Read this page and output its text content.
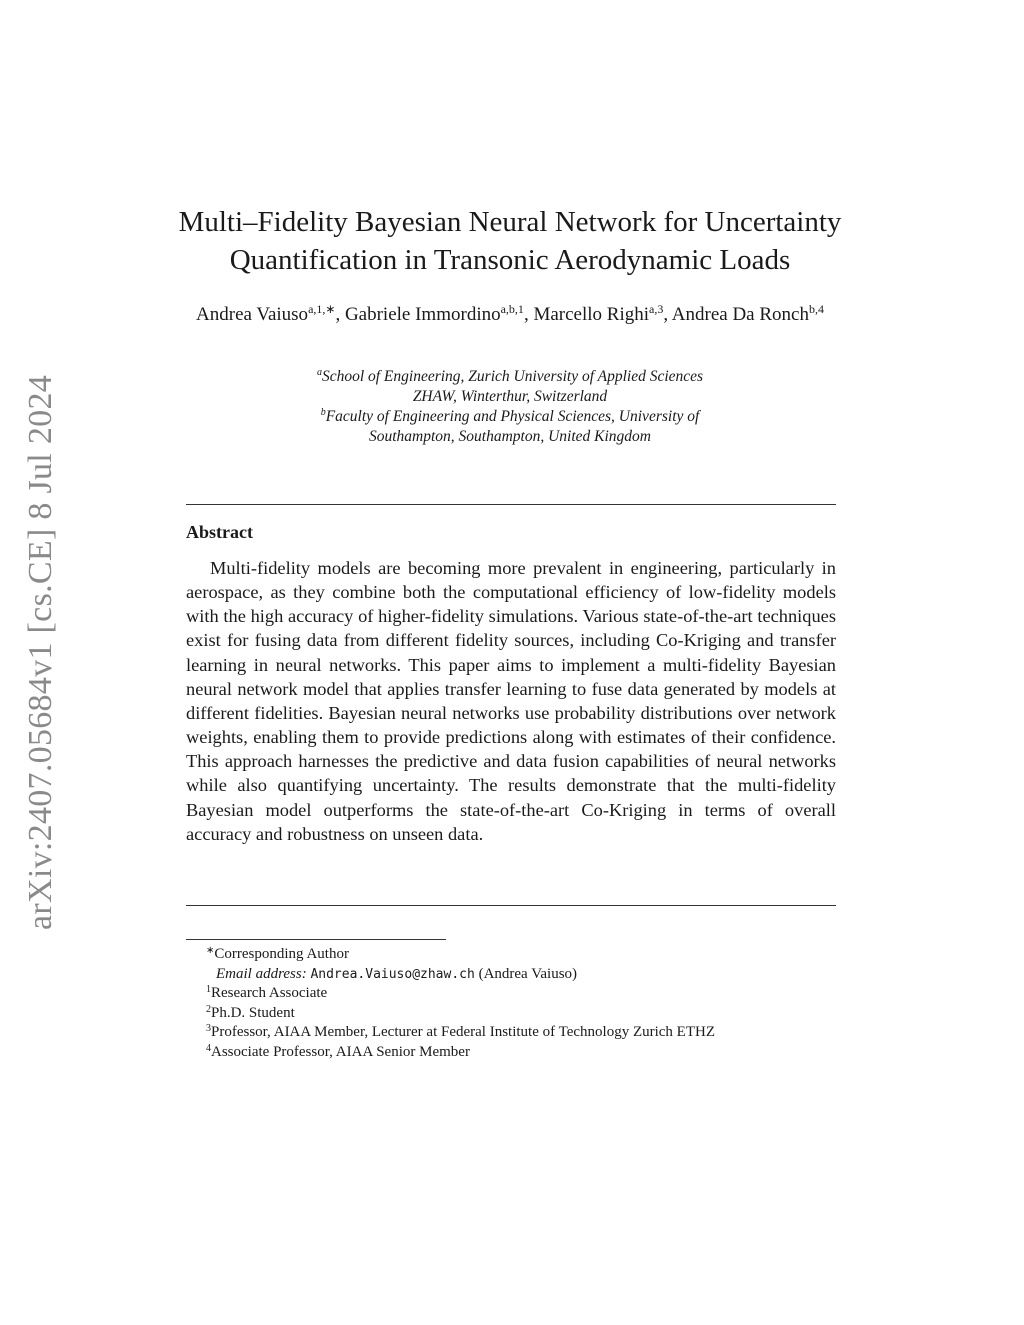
arXiv:2407.05684v1 [cs.CE] 8 Jul 2024
Multi–Fidelity Bayesian Neural Network for Uncertainty
Quantification in Transonic Aerodynamic Loads
Andrea Vaiuso$^{a,1,∗}$, Gabriele Immordino$^{a,b,1}$, Marcello Righi$^{a,3}$, Andrea Da Ronch$^{b,4}$
$^a$School of Engineering, Zurich University of Applied Sciences
ZHAW, Winterthur, Switzerland
$^b$Faculty of Engineering and Physical Sciences, University of
Southampton, Southampton, United Kingdom
Abstract

Multi-fidelity models are becoming more prevalent in engineering, particularly in aerospace, as they combine both the computational efficiency of low-fidelity models with the high accuracy of higher-fidelity simulations. Various state-of-the-art techniques exist for fusing data from different fidelity sources, including Co-Kriging and transfer learning in neural networks. This paper aims to implement a multi-fidelity Bayesian neural network model that applies transfer learning to fuse data generated by models at different fidelities. Bayesian neural networks use probability distributions over network weights, enabling them to provide predictions along with estimates of their confidence. This approach harnesses the predictive and data fusion capabilities of neural networks while also quantifying uncertainty. The results demonstrate that the multi-fidelity Bayesian model outperforms the state-of-the-art Co-Kriging in terms of overall accuracy and robustness on unseen data.

∗Corresponding Author
Email address: Andrea.Vaiuso@zhaw.ch (Andrea Vaiuso)
$^1$Research Associate
$^2$Ph.D. Student
$^3$Professor, AIAA Member, Lecturer at Federal Institute of Technology Zurich ETHZ
$^4$Associate Professor, AIAA Senior Member
